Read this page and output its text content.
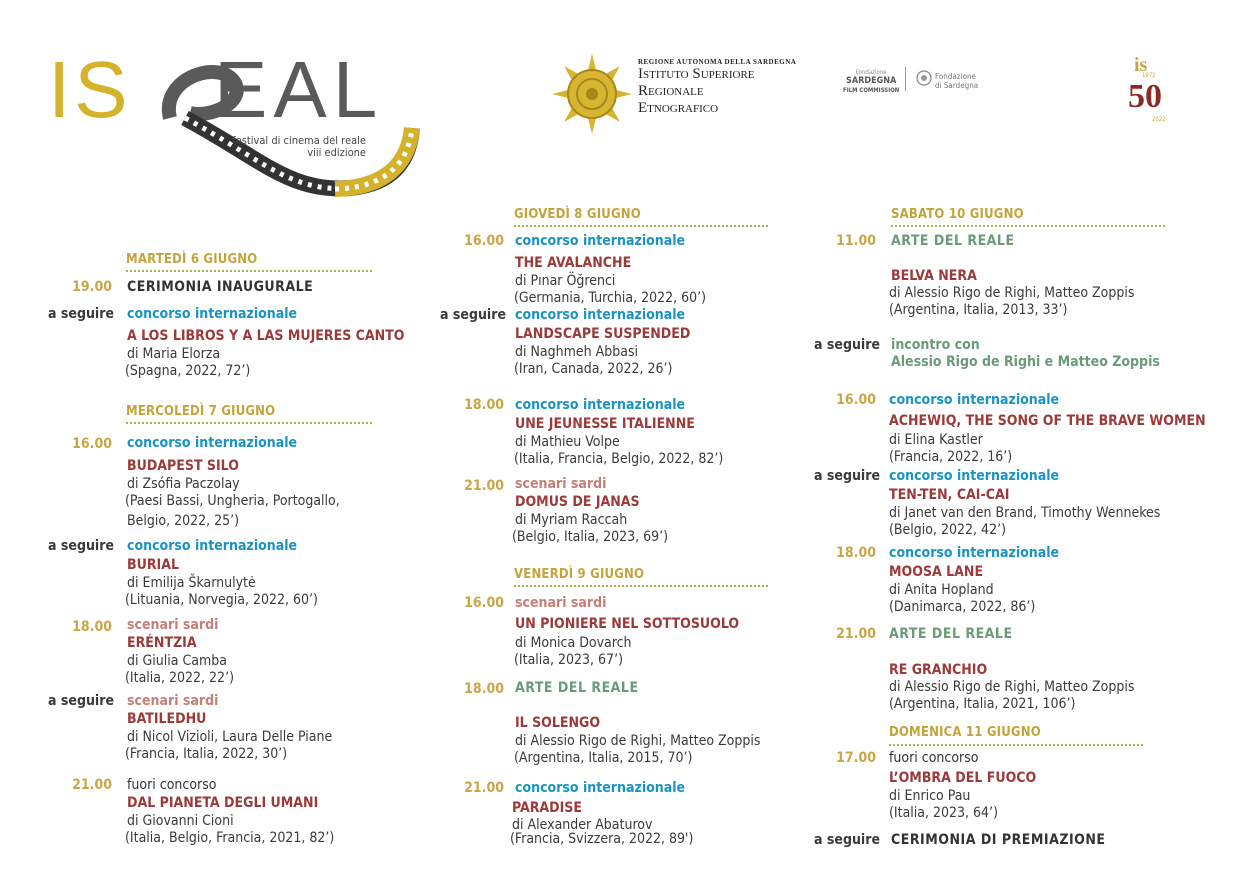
IS EAL
festival di cinema del reale
viii edizione
REGIONE AUTONOMA DELLA SARDEGNA
Istituto Superiore
Regionale
Etnografico
Fondazione
SARDEGNA
FILM COMMISSION
Fondazione
di Sardegna
is
50
1972
2022
MARTEDÌ 6 GIUGNO
19.00 CERIMONIA INAUGURALE
a seguire concorso internazionale
A LOS LIBROS Y A LAS MUJERES CANTO
di Maria Elorza
(Spagna, 2022, 72’)
MERCOLEDÌ 7 GIUGNO
16.00 concorso internazionale
BUDAPEST SILO
di Zsófia Paczolay
(Paesi Bassi, Ungheria, Portogallo,
Belgio, 2022, 25’)
a seguire concorso internazionale
BURIAL
di Emilija Škarnulytė
(Lituania, Norvegia, 2022, 60’)
18.00 scenari sardi
ERÉNTZIA
di Giulia Camba
(Italia, 2022, 22’)
a seguire scenari sardi
BATILEDHU
di Nicol Vizioli, Laura Delle Piane
(Francia, Italia, 2022, 30’)
21.00 fuori concorso
DAL PIANETA DEGLI UMANI
di Giovanni Cioni
(Italia, Belgio, Francia, 2021, 82’)
GIOVEDÌ 8 GIUGNO
16.00 concorso internazionale
THE AVALANCHE
di Pınar Öğrenci
(Germania, Turchia, 2022, 60’)
a seguire concorso internazionale
LANDSCAPE SUSPENDED
di Naghmeh Abbasi
(Iran, Canada, 2022, 26’)
18.00 concorso internazionale
UNE JEUNESSE ITALIENNE
di Mathieu Volpe
(Italia, Francia, Belgio, 2022, 82’)
21.00 scenari sardi
DOMUS DE JANAS
di Myriam Raccah
(Belgio, Italia, 2023, 69’)
VENERDÌ 9 GIUGNO
16.00 scenari sardi
UN PIONIERE NEL SOTTOSUOLO
di Monica Dovarch
(Italia, 2023, 67’)
18.00 ARTE DEL REALE
IL SOLENGO
di Alessio Rigo de Righi, Matteo Zoppis
(Argentina, Italia, 2015, 70’)
21.00 concorso internazionale
PARADISE
di Alexander Abaturov
(Francia, Svizzera, 2022, 89')
SABATO 10 GIUGNO
11.00 ARTE DEL REALE
BELVA NERA
di Alessio Rigo de Righi, Matteo Zoppis
(Argentina, Italia, 2013, 33’)
a seguire incontro con
Alessio Rigo de Righi e Matteo Zoppis
16.00 concorso internazionale
ACHEWIQ, THE SONG OF THE BRAVE WOMEN
di Elina Kastler
(Francia, 2022, 16’)
a seguire concorso internazionale
TEN-TEN, CAI-CAI
di Janet van den Brand, Timothy Wennekes
(Belgio, 2022, 42’)
18.00 concorso internazionale
MOOSA LANE
di Anita Hopland
(Danimarca, 2022, 86’)
21.00 ARTE DEL REALE
RE GRANCHIO
di Alessio Rigo de Righi, Matteo Zoppis
(Argentina, Italia, 2021, 106’)
DOMENICA 11 GIUGNO
17.00 fuori concorso
L’OMBRA DEL FUOCO
di Enrico Pau
(Italia, 2023, 64’)
a seguire CERIMONIA DI PREMIAZIONE
